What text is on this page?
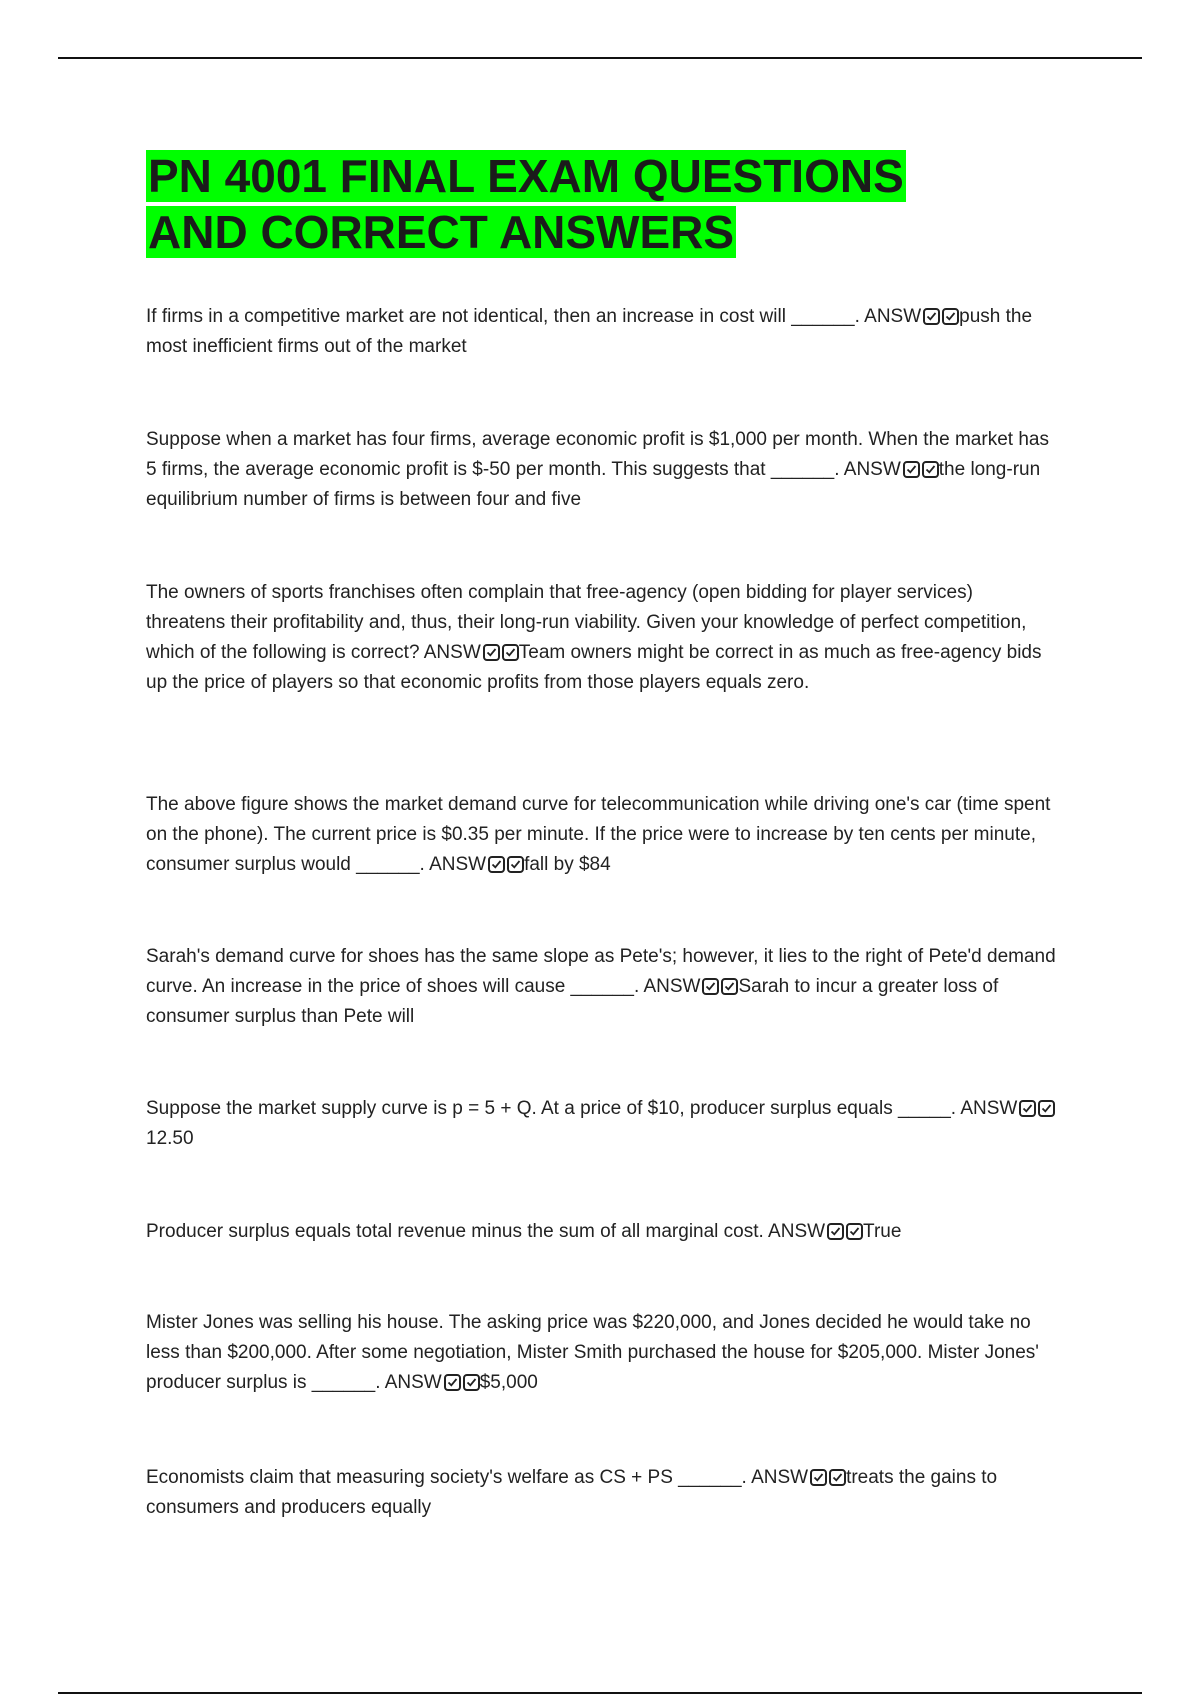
PN 4001 FINAL EXAM QUESTIONS
AND CORRECT ANSWERS

If firms in a competitive market are not identical, then an increase in cost will ______. ANSW push the most inefficient firms out of the market

Suppose when a market has four firms, average economic profit is $1,000 per month. When the market has 5 firms, the average economic profit is $-50 per month. This suggests that ______. ANSW the long-run equilibrium number of firms is between four and five

The owners of sports franchises often complain that free-agency (open bidding for player services) threatens their profitability and, thus, their long-run viability. Given your knowledge of perfect competition, which of the following is correct? ANSW Team owners might be correct in as much as free-agency bids up the price of players so that economic profits from those players equals zero.

The above figure shows the market demand curve for telecommunication while driving one's car (time spent on the phone). The current price is $0.35 per minute. If the price were to increase by ten cents per minute, consumer surplus would ______. ANSW fall by $84

Sarah's demand curve for shoes has the same slope as Pete's; however, it lies to the right of Pete'd demand curve. An increase in the price of shoes will cause ______. ANSW Sarah to incur a greater loss of consumer surplus than Pete will

Suppose the market supply curve is p = 5 + Q. At a price of $10, producer surplus equals _____. ANSW
12.50

Producer surplus equals total revenue minus the sum of all marginal cost. ANSW True

Mister Jones was selling his house. The asking price was $220,000, and Jones decided he would take no less than $200,000. After some negotiation, Mister Smith purchased the house for $205,000. Mister Jones' producer surplus is ______. ANSW $5,000

Economists claim that measuring society's welfare as CS + PS ______. ANSW treats the gains to consumers and producers equally
